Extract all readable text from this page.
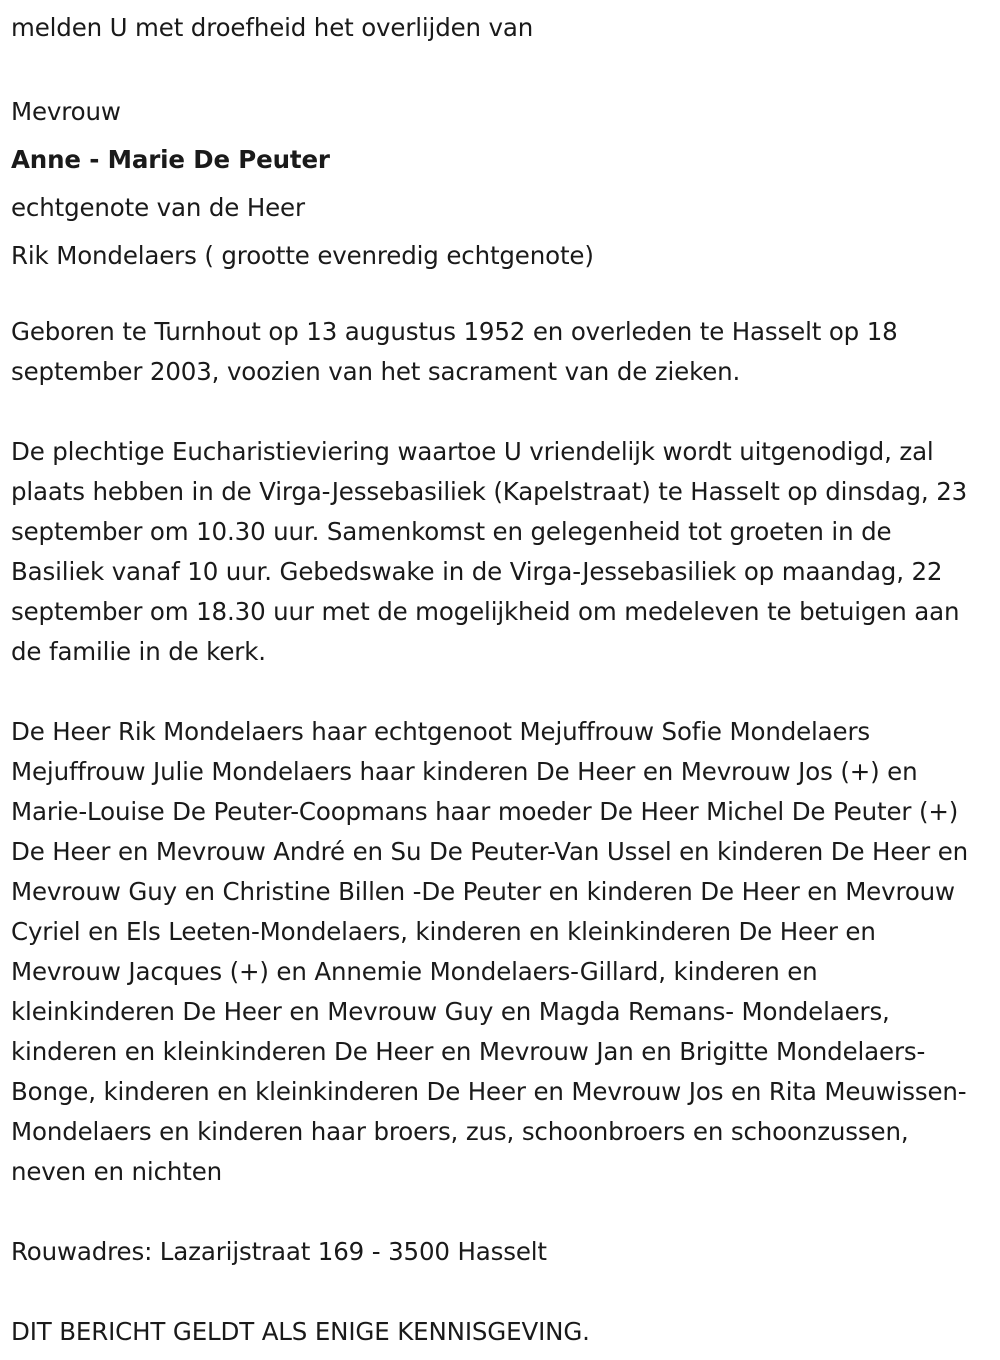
melden U met droefheid het overlijden van

Mevrouw

Anne - Marie De Peuter

echtgenote van de Heer

Rik Mondelaers ( grootte evenredig echtgenote)

Geboren te Turnhout op 13 augustus 1952 en overleden te Hasselt op 18 september 2003, voozien van het sacrament van de zieken.

De plechtige Eucharistieviering waartoe U vriendelijk wordt uitgenodigd, zal plaats hebben in de Virga-Jessebasiliek (Kapelstraat) te Hasselt op dinsdag, 23 september om 10.30 uur. Samenkomst en gelegenheid tot groeten in de Basiliek vanaf 10 uur. Gebedswake in de Virga-Jessebasiliek op maandag, 22 september om 18.30 uur met de mogelijkheid om medeleven te betuigen aan de familie in de kerk.

De Heer Rik Mondelaers haar echtgenoot Mejuffrouw Sofie Mondelaers Mejuffrouw Julie Mondelaers haar kinderen De Heer en Mevrouw Jos (+) en Marie-Louise De Peuter-Coopmans haar moeder De Heer Michel De Peuter (+) De Heer en Mevrouw André en Su De Peuter-Van Ussel en kinderen De Heer en Mevrouw Guy en Christine Billen -De Peuter en kinderen De Heer en Mevrouw Cyriel en Els Leeten-Mondelaers, kinderen en kleinkinderen De Heer en Mevrouw Jacques (+) en Annemie Mondelaers-Gillard, kinderen en kleinkinderen De Heer en Mevrouw Guy en Magda Remans- Mondelaers, kinderen en kleinkinderen De Heer en Mevrouw Jan en Brigitte Mondelaers-Bonge, kinderen en kleinkinderen De Heer en Mevrouw Jos en Rita Meuwissen-Mondelaers en kinderen haar broers, zus, schoonbroers en schoonzussen, neven en nichten

Rouwadres: Lazarijstraat 169 - 3500 Hasselt

DIT BERICHT GELDT ALS ENIGE KENNISGEVING.
